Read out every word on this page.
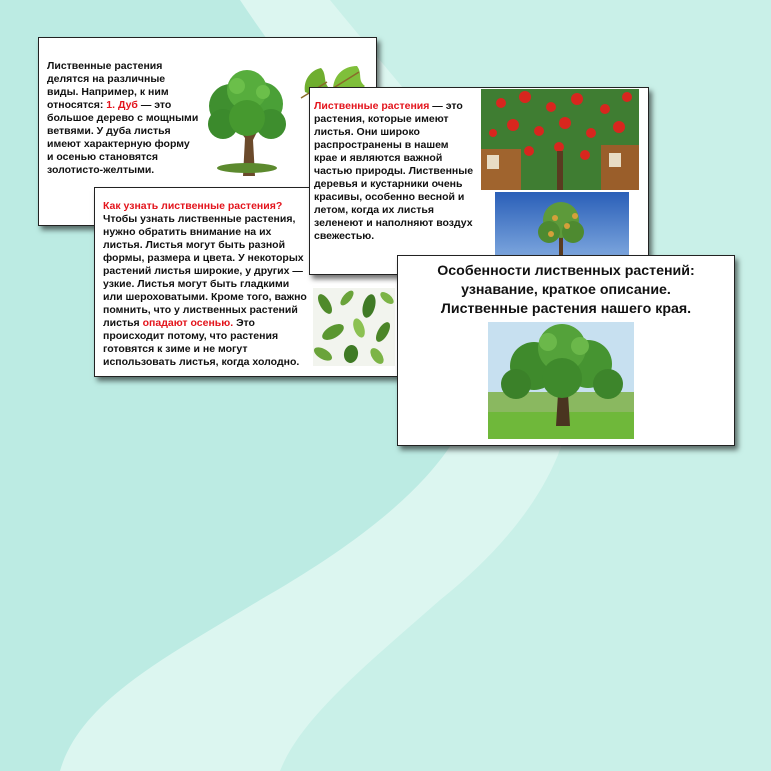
Лиственные растения делятся на различные виды. Например, к ним относятся: 1. Дуб — это большое дерево с мощными ветвями. У дуба листья имеют характерную форму и осенью становятся золотисто-желтыми.
Как узнать лиственные растения?
Чтобы узнать лиственные растения, нужно обратить внимание на их листья. Листья могут быть разной формы, размера и цвета. У некоторых растений листья широкие, у других — узкие. Листья могут быть гладкими или шероховатыми. Кроме того, важно помнить, что у лиственных растений листья опадают осенью. Это происходит потому, что растения готовятся к зиме и не могут использовать листья, когда холодно.
Лиственные растения — это растения, которые имеют листья. Они широко распространены в нашем крае и являются важной частью природы. Лиственные деревья и кустарники очень красивы, особенно весной и летом, когда их листья зеленеют и наполняют воздух свежестью.
Особенности лиственных растений:
узнавание, краткое описание.
Лиственные растения нашего края.
